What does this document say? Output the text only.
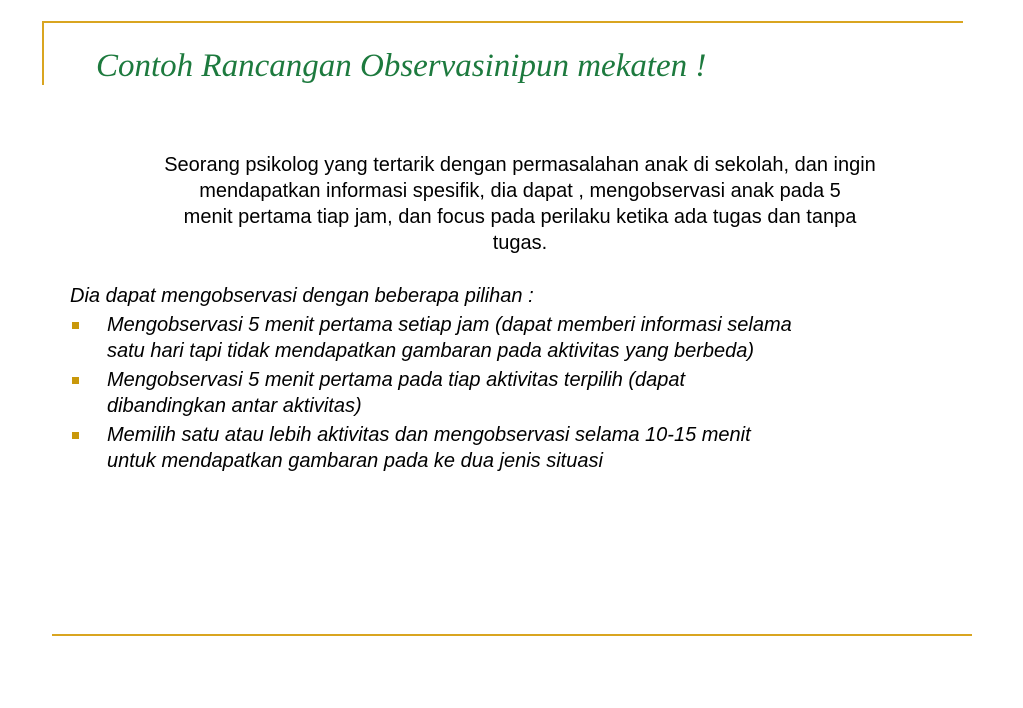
Contoh Rancangan Observasinipun mekaten !

Seorang psikolog yang tertarik dengan permasalahan anak di sekolah, dan ingin
mendapatkan informasi spesifik, dia dapat , mengobservasi anak pada 5
menit pertama tiap jam, dan focus pada perilaku ketika ada tugas dan tanpa
tugas.

Dia dapat mengobservasi dengan beberapa pilihan :

Mengobservasi 5 menit pertama setiap jam (dapat memberi informasi selama
satu hari tapi tidak mendapatkan gambaran pada aktivitas yang berbeda)
Mengobservasi 5 menit pertama pada tiap aktivitas terpilih (dapat
dibandingkan antar aktivitas)
Memilih satu atau lebih aktivitas dan mengobservasi selama 10-15 menit
untuk mendapatkan gambaran pada ke dua jenis situasi
